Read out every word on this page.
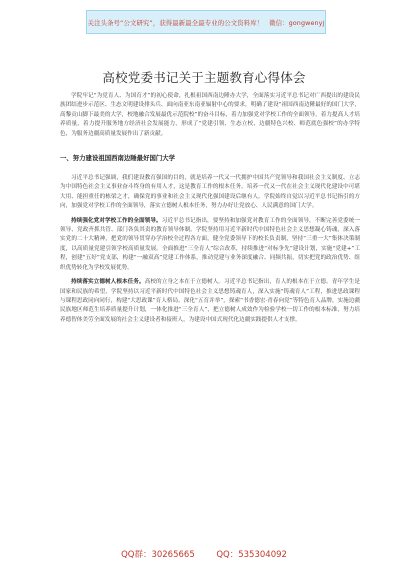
关注头条号“公文研究”，获得最新最全最专业的公文资料库！ 微信：gongwenyj
高校党委书记关于主题教育心得体会

学院牢记“为党育人、为国育才”的初心使命，扎根祖国西南边陲办大学，全面落实习近平总书记对广西提出的建设民族团结进步示范区、生态文明建设排头兵、面向南亚东南亚辐射中心的要求，明确了建设“祖国西南边陲最好的国门大学，高黎贡山脚下最美的大学，校地融合发展最优示范院校”的奋斗目标，着力加强党对学校工作的全面领导，着力提高人才培养质量，着力提升服务地方经济社会发展能力，形成了“党建引领、生态立校、边疆特色兴校、师范底色强校”的办学特色，为服务边疆高质量发展作出了新贡献。

一、努力建设祖国西南边陲最好国门大学

习近平总书记强调，我们建设教育强国的目的，就是培养一代又一代拥护中国共产党领导和我国社会主义制度、立志为中国特色社会主义事业奋斗终身的有用人才，这是教育工作的根本任务。培养一代又一代在社会主义现代化建设中可堪大用、能担重任的栋梁之才，确保党的事业和社会主义现代化强国建设后继有人。学院始终自觉以习近平总书记指引的方向，加强党对学校工作的全面领导，落实立德树人根本任务，努力办好让党放心、人民满意的国门大学。

持续强化党对学校工作的全面领导。习近平总书记指出，要坚持和加强党对教育工作的全面领导，不断完善党委统一领导、党政齐抓共管、部门各负其责的教育领导体制。学院坚持用习近平新时代中国特色社会主义思想凝心铸魂，深入落实党的二十大精神，把党的领导贯穿办学治校全过程各方面，健全党委领导下的校长负责制，坚持“三重一大”集体决策制度，以高质量党建引领学校高质量发展。全面推进“三全育人”综合改革，持续推进“对标争先”建设计划，实施“党建+”工程，创建“五好”党支部，构建“一融双高”党建工作体系，推动党建与业务深度融合、同频共振，切实把党的政治优势、组织优势转化为学校发展优势。

持续落实立德树人根本任务。高校的立身之本在于立德树人。习近平总书记指出，育人的根本在于立德。青年学生是国家和民族的希望，学院坚持以习近平新时代中国特色社会主义思想铸魂育人，深入实施“铸魂育人”工程，推进思政课程与课程思政同向同行，构建“大思政课”育人格局。深化“五育并举”，探索“书香德宏·青春向党”等特色育人品牌，实施边疆民族地区师范生培养质量提升计划，一体化推进“三全育人”，把立德树人成效作为检验学校一切工作的根本标准，努力培养德智体美劳全面发展的社会主义建设者和接班人，为建设中国式现代化边疆实践提供人才支撑。

QQ群：30265665	QQ：535304092
